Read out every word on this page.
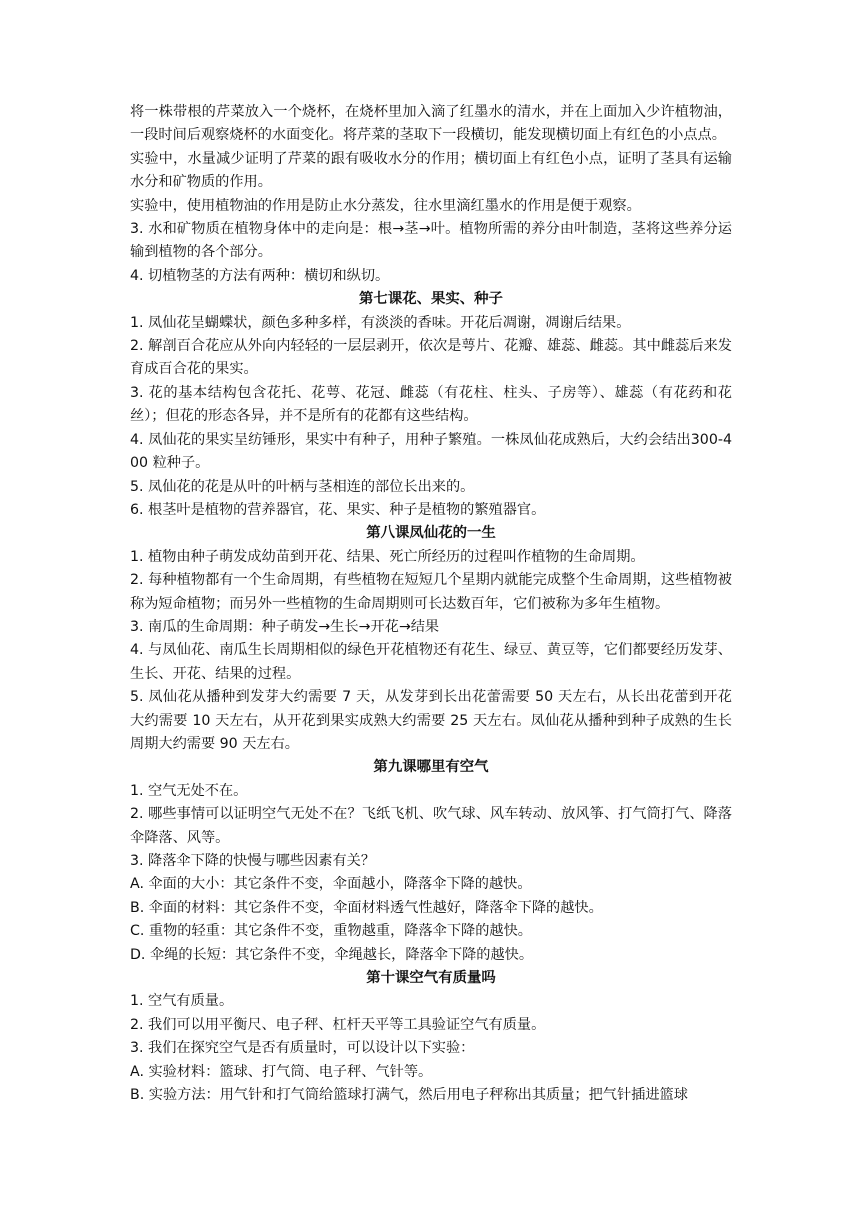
将一株带根的芹菜放入一个烧杯，在烧杯里加入滴了红墨水的清水，并在上面加入少许植物油，一段时间后观察烧杯的水面变化。将芹菜的茎取下一段横切，能发现横切面上有红色的小点点。
实验中，水量减少证明了芹菜的跟有吸收水分的作用；横切面上有红色小点，证明了茎具有运输水分和矿物质的作用。
实验中，使用植物油的作用是防止水分蒸发，往水里滴红墨水的作用是便于观察。
3. 水和矿物质在植物身体中的走向是：根→茎→叶。植物所需的养分由叶制造，茎将这些养分运输到植物的各个部分。
4. 切植物茎的方法有两种：横切和纵切。
第七课花、果实、种子
1. 凤仙花呈蝴蝶状，颜色多种多样，有淡淡的香味。开花后凋谢，凋谢后结果。
2. 解剖百合花应从外向内轻轻的一层层剥开，依次是萼片、花瓣、雄蕊、雌蕊。其中雌蕊后来发育成百合花的果实。
3. 花的基本结构包含花托、花萼、花冠、雌蕊（有花柱、柱头、子房等）、雄蕊（有花药和花丝）；但花的形态各异，并不是所有的花都有这些结构。
4. 凤仙花的果实呈纺锤形，果实中有种子，用种子繁殖。一株凤仙花成熟后，大约会结出300-400 粒种子。
5. 凤仙花的花是从叶的叶柄与茎相连的部位长出来的。
6. 根茎叶是植物的营养器官，花、果实、种子是植物的繁殖器官。
第八课凤仙花的一生
1. 植物由种子萌发成幼苗到开花、结果、死亡所经历的过程叫作植物的生命周期。
2. 每种植物都有一个生命周期，有些植物在短短几个星期内就能完成整个生命周期，这些植物被称为短命植物；而另外一些植物的生命周期则可长达数百年，它们被称为多年生植物。
3. 南瓜的生命周期：种子萌发→生长→开花→结果
4. 与凤仙花、南瓜生长周期相似的绿色开花植物还有花生、绿豆、黄豆等，它们都要经历发芽、生长、开花、结果的过程。
5. 凤仙花从播种到发芽大约需要 7 天，从发芽到长出花蕾需要 50 天左右，从长出花蕾到开花大约需要 10 天左右，从开花到果实成熟大约需要 25 天左右。凤仙花从播种到种子成熟的生长周期大约需要 90 天左右。
第九课哪里有空气
1. 空气无处不在。
2. 哪些事情可以证明空气无处不在？飞纸飞机、吹气球、风车转动、放风筝、打气筒打气、降落伞降落、风等。
3. 降落伞下降的快慢与哪些因素有关？
A. 伞面的大小：其它条件不变，伞面越小，降落伞下降的越快。
B. 伞面的材料：其它条件不变，伞面材料透气性越好，降落伞下降的越快。
C. 重物的轻重：其它条件不变，重物越重，降落伞下降的越快。
D. 伞绳的长短：其它条件不变，伞绳越长，降落伞下降的越快。
第十课空气有质量吗
1. 空气有质量。
2. 我们可以用平衡尺、电子秤、杠杆天平等工具验证空气有质量。
3. 我们在探究空气是否有质量时，可以设计以下实验：
A. 实验材料：篮球、打气筒、电子秤、气针等。
B. 实验方法：用气针和打气筒给篮球打满气，然后用电子秤称出其质量；把气针插进篮球
